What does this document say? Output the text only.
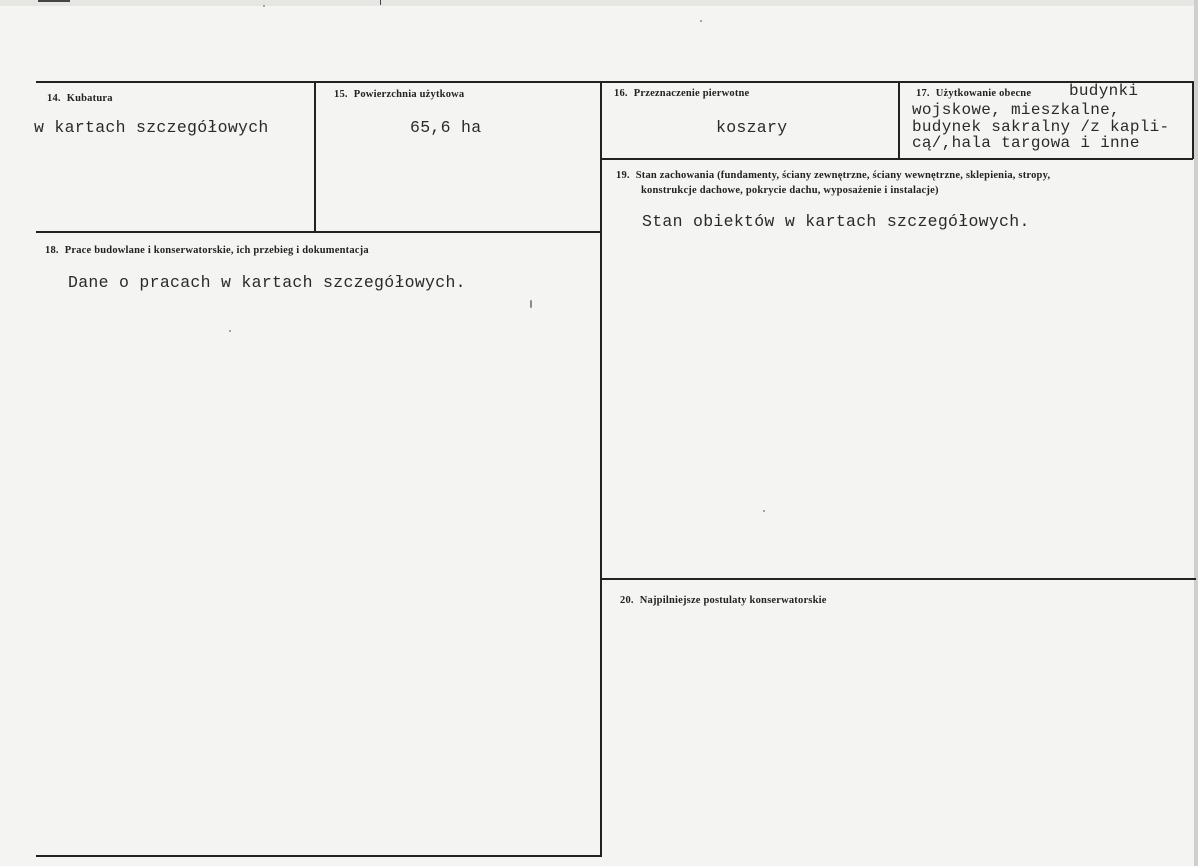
14. Kubatura
w kartach szczegółowych
15. Powierzchnia użytkowa
65,6 ha
16. Przeznaczenie pierwotne
koszary
17. Użytkowanie obecne budynki
wojskowe, mieszkalne,
budynek sakralny /z kapli-
cą/,hala targowa i inne
18. Prace budowlane i konserwatorskie, ich przebieg i dokumentacja
Dane o pracach w kartach szczegółowych.
19. Stan zachowania (fundamenty, ściany zewnętrzne, ściany wewnętrzne, sklepienia, stropy,
konstrukcje dachowe, pokrycie dachu, wyposażenie i instalacje)
Stan obiektów w kartach szczegółowych.
20. Najpilniejsze postulaty konserwatorskie
